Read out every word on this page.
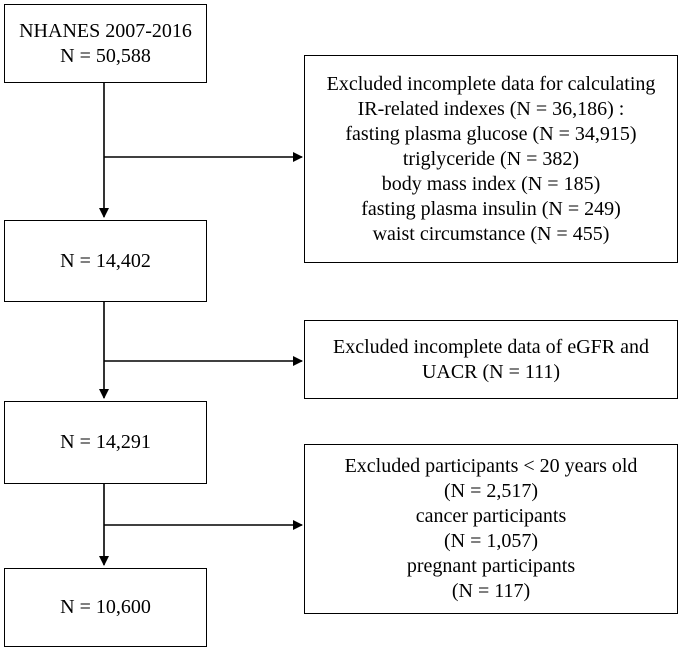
NHANES 2007-2016
N = 50,588
N = 14,402
N = 14,291
N = 10,600
Excluded incomplete data for calculating
IR-related indexes (N = 36,186) :
fasting plasma glucose (N = 34,915)
triglyceride (N = 382)
body mass index (N = 185)
fasting plasma insulin (N = 249)
waist circumstance (N = 455)
Excluded incomplete data of eGFR and
UACR (N = 111)
Excluded participants < 20 years old
(N = 2,517)
cancer participants
(N = 1,057)
pregnant participants
(N = 117)
